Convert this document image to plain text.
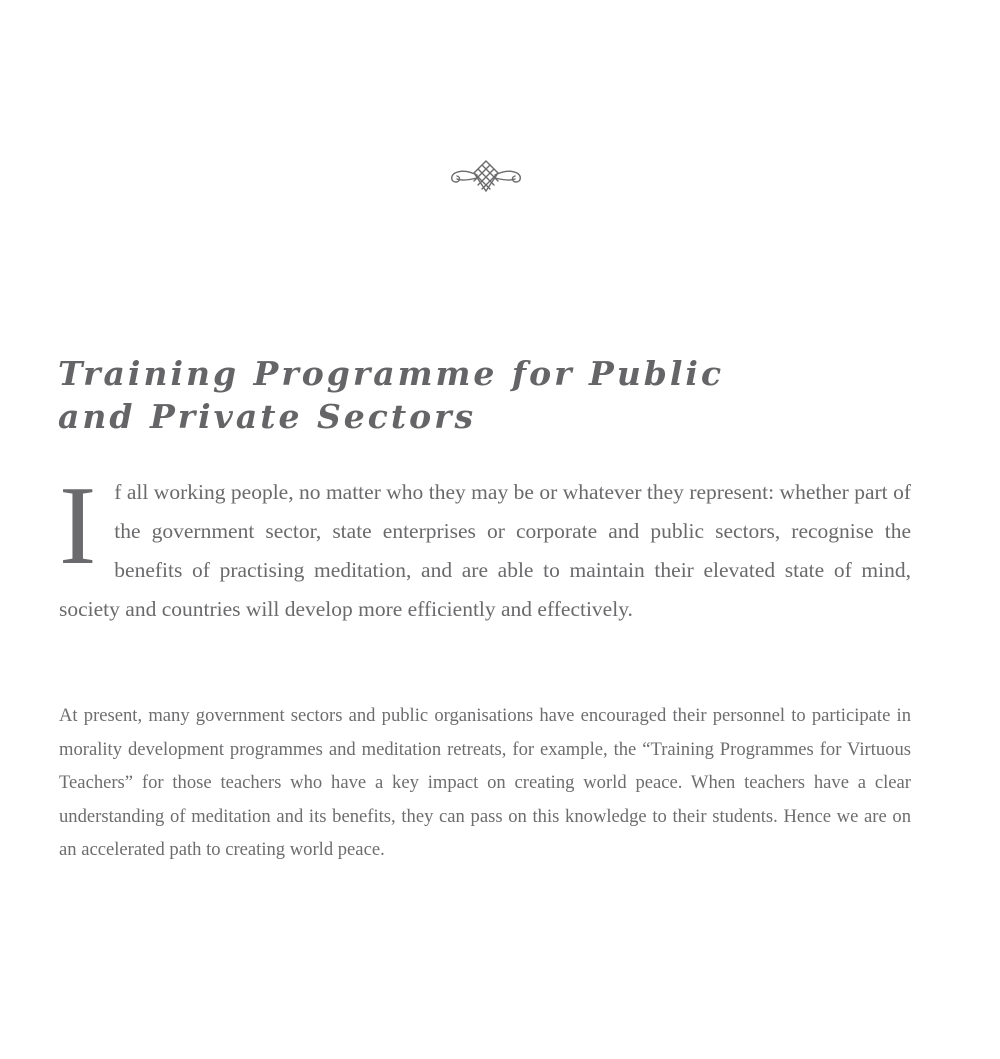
Training Programme for Public
and Private Sectors

If all working people, no matter who they may be or whatever they represent: whether part of the government sector, state enterprises or corporate and public sectors, recognise the benefits of practising meditation, and are able to maintain their elevated state of mind, society and countries will develop more efficiently and effectively.

At present, many government sectors and public organisations have encouraged their personnel to participate in morality development programmes and meditation retreats, for example, the “Training Programmes for Virtuous Teachers” for those teachers who have a key impact on creating world peace. When teachers have a clear understanding of meditation and its benefits, they can pass on this knowledge to their students. Hence we are on an accelerated path to creating world peace.
